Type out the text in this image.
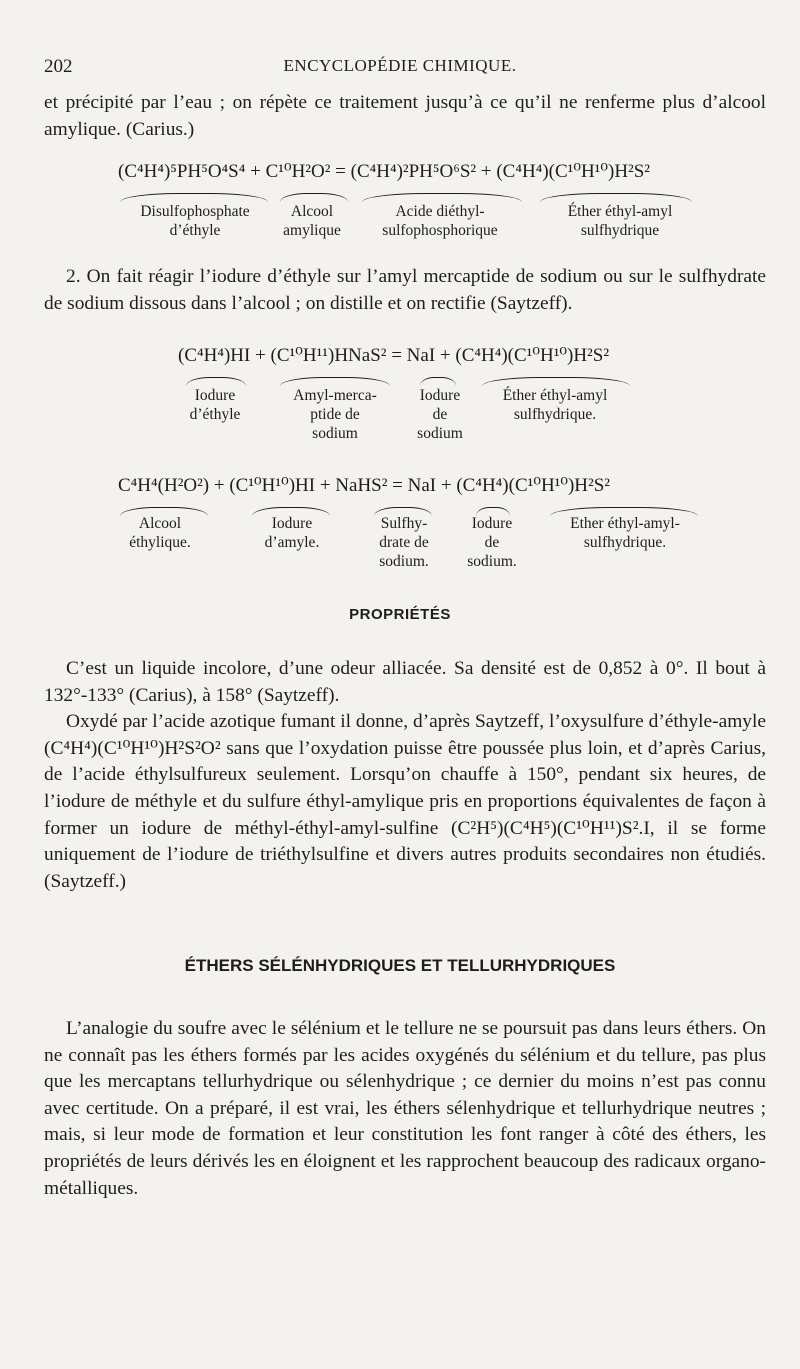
202	ENCYCLOPÉDIE CHIMIQUE.

et précipité par l’eau ; on répète ce traitement jusqu’à ce qu’il ne renferme plus d’alcool amylique. (Carius.)

(C⁴H⁴)⁵PH⁵O⁴S⁴ + C¹⁰H²O² = (C⁴H⁴)²PH⁵O⁶S² + (C⁴H⁴)(C¹⁰H¹⁰)H²S²
Disulfophosphate
d’éthyle
Alcool
amylique
Acide diéthyl-
sulfophosphorique
Éther éthyl-amyl
sulfhydrique

2. On fait réagir l’iodure d’éthyle sur l’amyl mercaptide de sodium ou sur le sulfhydrate de sodium dissous dans l’alcool ; on distille et on rectifie (Saytzeff).

(C⁴H⁴)HI + (C¹⁰H¹¹)HNaS² = NaI + (C⁴H⁴)(C¹⁰H¹⁰)H²S²
Iodure
d’éthyle
Amyl-merca-
ptide de
sodium
Iodure
de
sodium
Éther éthyl-amyl
sulfhydrique.
C⁴H⁴(H²O²) + (C¹⁰H¹⁰)HI + NaHS² = NaI + (C⁴H⁴)(C¹⁰H¹⁰)H²S²
Alcool
éthylique.
Iodure
d’amyle.
Sulfhy-
drate de
sodium.
Iodure
de
sodium.
Ether éthyl-amyl-
sulfhydrique.
PROPRIÉTÉS

C’est un liquide incolore, d’une odeur alliacée. Sa densité est de 0,852 à 0°. Il bout à 132°-133° (Carius), à 158° (Saytzeff).

Oxydé par l’acide azotique fumant il donne, d’après Saytzeff, l’oxysulfure d’éthyle-amyle (C⁴H⁴)(C¹⁰H¹⁰)H²S²O² sans que l’oxydation puisse être poussée plus loin, et d’après Carius, de l’acide éthylsulfureux seulement. Lorsqu’on chauffe à 150°, pendant six heures, de l’iodure de méthyle et du sulfure éthyl-amylique pris en proportions équivalentes de façon à former un iodure de méthyl-éthyl-amyl-sulfine (C²H⁵)(C⁴H⁵)(C¹⁰H¹¹)S².I, il se forme uniquement de l’iodure de triéthylsulfine et divers autres produits secondaires non étudiés. (Saytzeff.)

ÉTHERS SÉLÉNHYDRIQUES ET TELLURHYDRIQUES

L’analogie du soufre avec le sélénium et le tellure ne se poursuit pas dans leurs éthers. On ne connaît pas les éthers formés par les acides oxygénés du sélénium et du tellure, pas plus que les mercaptans tellurhydrique ou sélenhydrique ; ce dernier du moins n’est pas connu avec certitude. On a préparé, il est vrai, les éthers sélenhydrique et tellurhydrique neutres ; mais, si leur mode de formation et leur constitution les font ranger à côté des éthers, les propriétés de leurs dérivés les en éloignent et les rapprochent beaucoup des radicaux organo-métalliques.
